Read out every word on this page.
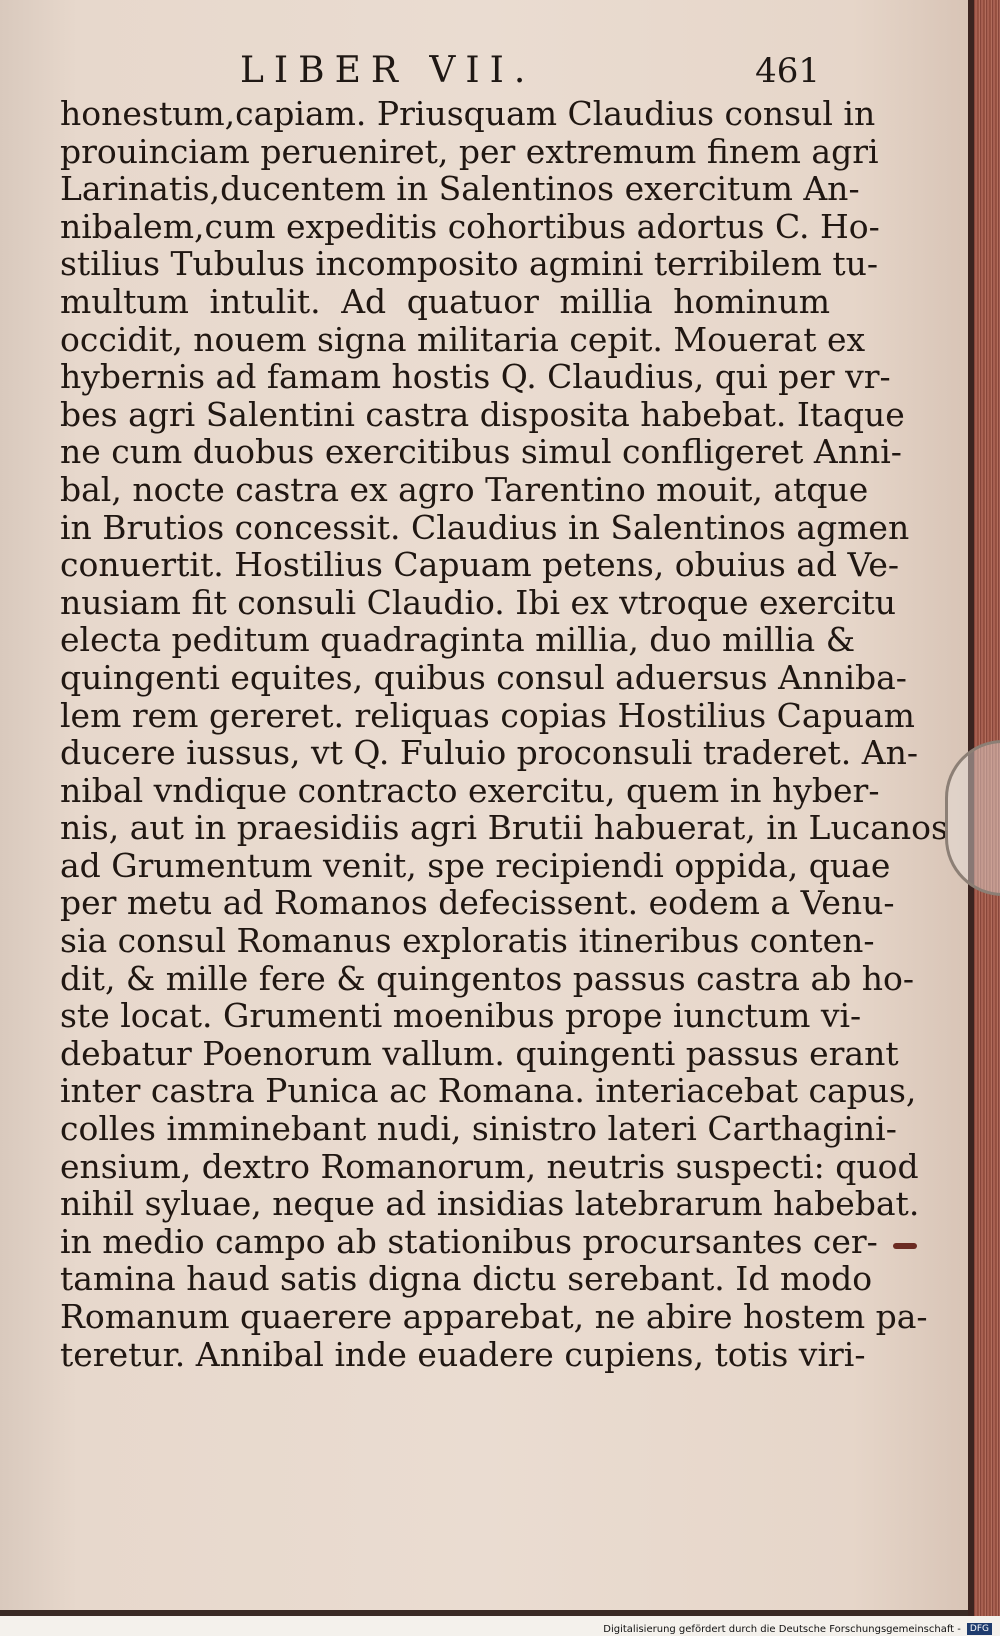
LIBER VII.	461
honestum,capiam. Priusquam Claudius consul in
prouinciam perueniret, per extremum finem agri
Larinatis,ducentem in Salentinos exercitum An-
nibalem,cum expeditis cohortibus adortus C. Ho-
stilius Tubulus incomposito agmini terribilem tu-
multum intulit. Ad quatuor millia hominum
occidit, nouem signa militaria cepit. Mouerat ex
hybernis ad famam hostis Q. Claudius, qui per vr-
bes agri Salentini castra disposita habebat. Itaque
ne cum duobus exercitibus simul confligeret Anni-
bal, nocte castra ex agro Tarentino mouit, atque
in Brutios concessit. Claudius in Salentinos agmen
conuertit. Hostilius Capuam petens, obuius ad Ve-
nusiam fit consuli Claudio. Ibi ex vtroque exercitu
electa peditum quadraginta millia, duo millia &
quingenti equites, quibus consul aduersus Anniba-
lem rem gereret. reliquas copias Hostilius Capuam
ducere iussus, vt Q. Fuluio proconsuli traderet. An-
nibal vndique contracto exercitu, quem in hyber-
nis, aut in praesidiis agri Brutii habuerat, in Lucanos
ad Grumentum venit, spe recipiendi oppida, quae
per metu ad Romanos defecissent. eodem a Venu-
sia consul Romanus exploratis itineribus conten-
dit, & mille fere & quingentos passus castra ab ho-
ste locat. Grumenti moenibus prope iunctum vi-
debatur Poenorum vallum. quingenti passus erant
inter castra Punica ac Romana. interiacebat capus,
colles imminebant nudi, sinistro lateri Carthagini-
ensium, dextro Romanorum, neutris suspecti: quod
nihil syluae, neque ad insidias latebrarum habebat.
in medio campo ab stationibus procursantes cer-
tamina haud satis digna dictu serebant. Id modo
Romanum quaerere apparebat, ne abire hostem pa-
teretur. Annibal inde euadere cupiens, totis viri-
Digitalisierung gefördert durch die Deutsche Forschungsgemeinschaft -	DFG
